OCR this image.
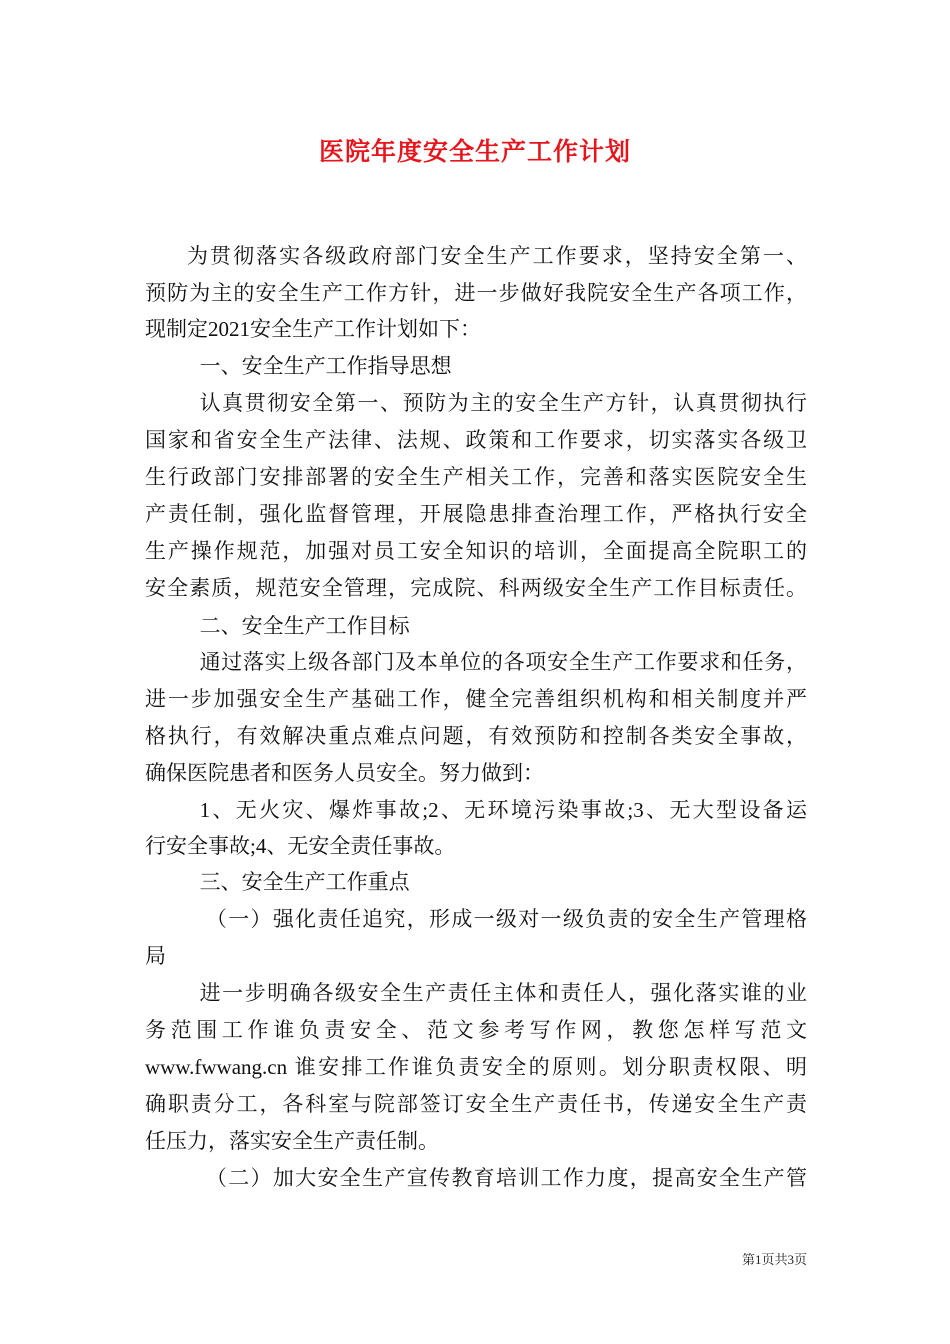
医院年度安全生产工作计划
为贯彻落实各级政府部门安全生产工作要求，坚持安全第一、
预防为主的安全生产工作方针，进一步做好我院安全生产各项工作，
现制定2021安全生产工作计划如下：
一、安全生产工作指导思想
认真贯彻安全第一、预防为主的安全生产方针，认真贯彻执行
国家和省安全生产法律、法规、政策和工作要求，切实落实各级卫
生行政部门安排部署的安全生产相关工作，完善和落实医院安全生
产责任制，强化监督管理，开展隐患排查治理工作，严格执行安全
生产操作规范，加强对员工安全知识的培训，全面提高全院职工的
安全素质，规范安全管理，完成院、科两级安全生产工作目标责任。
二、安全生产工作目标
通过落实上级各部门及本单位的各项安全生产工作要求和任务，
进一步加强安全生产基础工作，健全完善组织机构和相关制度并严
格执行，有效解决重点难点问题，有效预防和控制各类安全事故，
确保医院患者和医务人员安全。努力做到：
1、无火灾、爆炸事故;2、无环境污染事故;3、无大型设备运
行安全事故;4、无安全责任事故。
三、安全生产工作重点
（一）强化责任追究，形成一级对一级负责的安全生产管理格
局
进一步明确各级安全生产责任主体和责任人，强化落实谁的业
务范围工作谁负责安全、范文参考写作网，教您怎样写范文
www.fwwang.cn 谁安排工作谁负责安全的原则。划分职责权限、明
确职责分工，各科室与院部签订安全生产责任书，传递安全生产责
任压力，落实安全生产责任制。
（二）加大安全生产宣传教育培训工作力度，提高安全生产管
第1页共3页
